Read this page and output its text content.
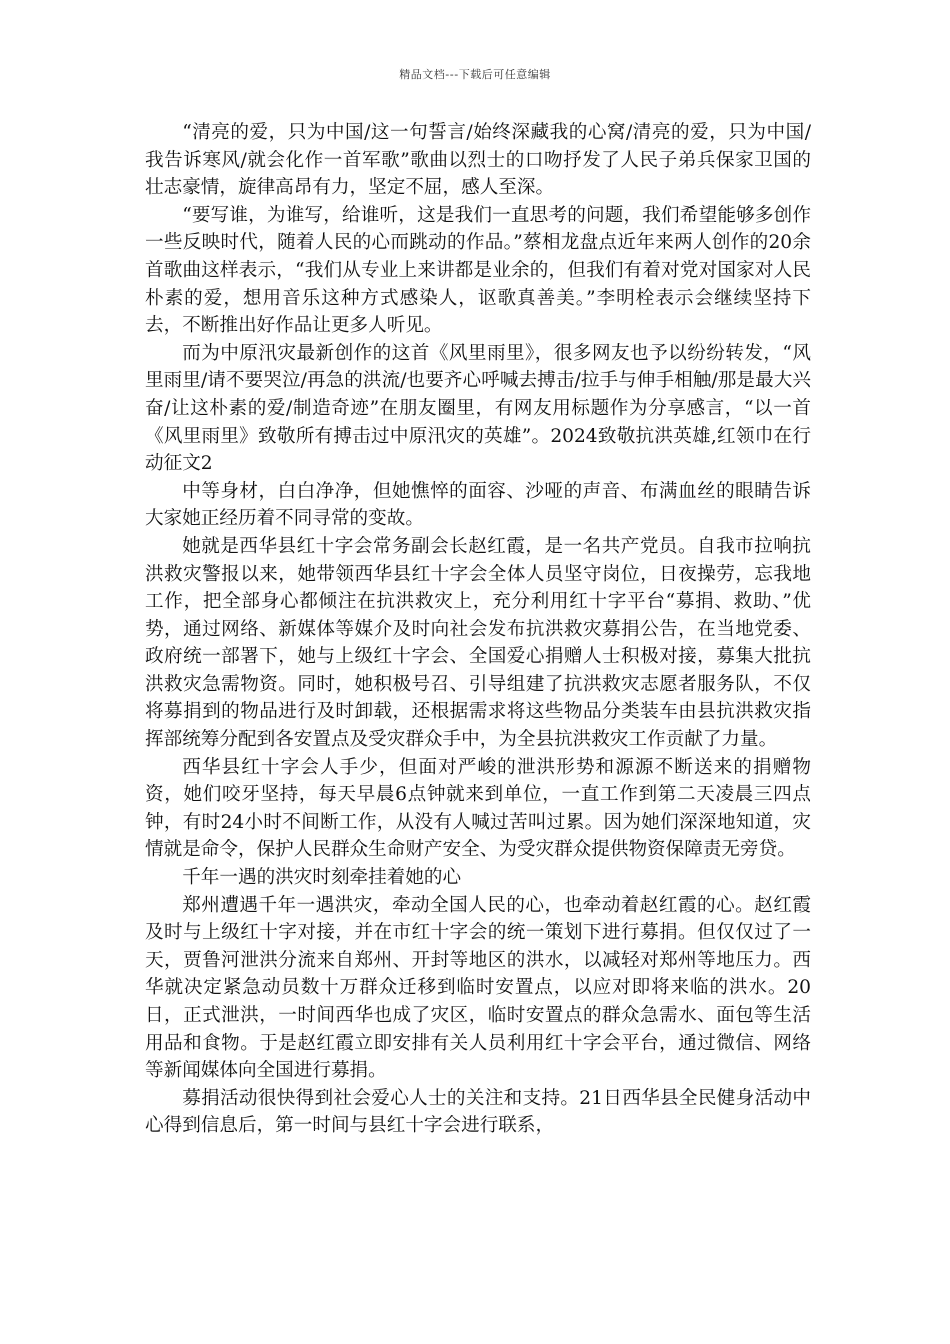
精品文档---下载后可任意编辑

“清亮的爱，只为中国/这一句誓言/始终深藏我的心窝/清亮的爱，只为中国/我告诉寒风/就会化作一首军歌”歌曲以烈士的口吻抒发了人民子弟兵保家卫国的壮志豪情，旋律高昂有力，坚定不屈，感人至深。

“要写谁，为谁写，给谁听，这是我们一直思考的问题，我们希望能够多创作一些反映时代，随着人民的心而跳动的作品。”蔡相龙盘点近年来两人创作的20余首歌曲这样表示，“我们从专业上来讲都是业余的，但我们有着对党对国家对人民朴素的爱，想用音乐这种方式感染人，讴歌真善美。”李明栓表示会继续坚持下去，不断推出好作品让更多人听见。

而为中原汛灾最新创作的这首《风里雨里》，很多网友也予以纷纷转发，“风里雨里/请不要哭泣/再急的洪流/也要齐心呼喊去搏击/拉手与伸手相触/那是最大兴奋/让这朴素的爱/制造奇迹”在朋友圈里，有网友用标题作为分享感言，“以一首《风里雨里》致敬所有搏击过中原汛灾的英雄”。2024致敬抗洪英雄,红领巾在行动征文2

中等身材，白白净净，但她憔悴的面容、沙哑的声音、布满血丝的眼睛告诉大家她正经历着不同寻常的变故。

她就是西华县红十字会常务副会长赵红霞，是一名共产党员。自我市拉响抗洪救灾警报以来，她带领西华县红十字会全体人员坚守岗位，日夜操劳，忘我地工作，把全部身心都倾注在抗洪救灾上，充分利用红十字平台“募捐、救助、”优势，通过网络、新媒体等媒介及时向社会发布抗洪救灾募捐公告，在当地党委、政府统一部署下，她与上级红十字会、全国爱心捐赠人士积极对接，募集大批抗洪救灾急需物资。同时，她积极号召、引导组建了抗洪救灾志愿者服务队，不仅将募捐到的物品进行及时卸载，还根据需求将这些物品分类装车由县抗洪救灾指挥部统筹分配到各安置点及受灾群众手中，为全县抗洪救灾工作贡献了力量。

西华县红十字会人手少，但面对严峻的泄洪形势和源源不断送来的捐赠物资，她们咬牙坚持，每天早晨6点钟就来到单位，一直工作到第二天凌晨三四点钟，有时24小时不间断工作，从没有人喊过苦叫过累。因为她们深深地知道，灾情就是命令，保护人民群众生命财产安全、为受灾群众提供物资保障责无旁贷。

千年一遇的洪灾时刻牵挂着她的心

郑州遭遇千年一遇洪灾，牵动全国人民的心，也牵动着赵红霞的心。赵红霞及时与上级红十字对接，并在市红十字会的统一策划下进行募捐。但仅仅过了一天，贾鲁河泄洪分流来自郑州、开封等地区的洪水，以减轻对郑州等地压力。西华就决定紧急动员数十万群众迁移到临时安置点，以应对即将来临的洪水。20日，正式泄洪，一时间西华也成了灾区，临时安置点的群众急需水、面包等生活用品和食物。于是赵红霞立即安排有关人员利用红十字会平台，通过微信、网络等新闻媒体向全国进行募捐。

募捐活动很快得到社会爱心人士的关注和支持。21日西华县全民健身活动中心得到信息后，第一时间与县红十字会进行联系，
